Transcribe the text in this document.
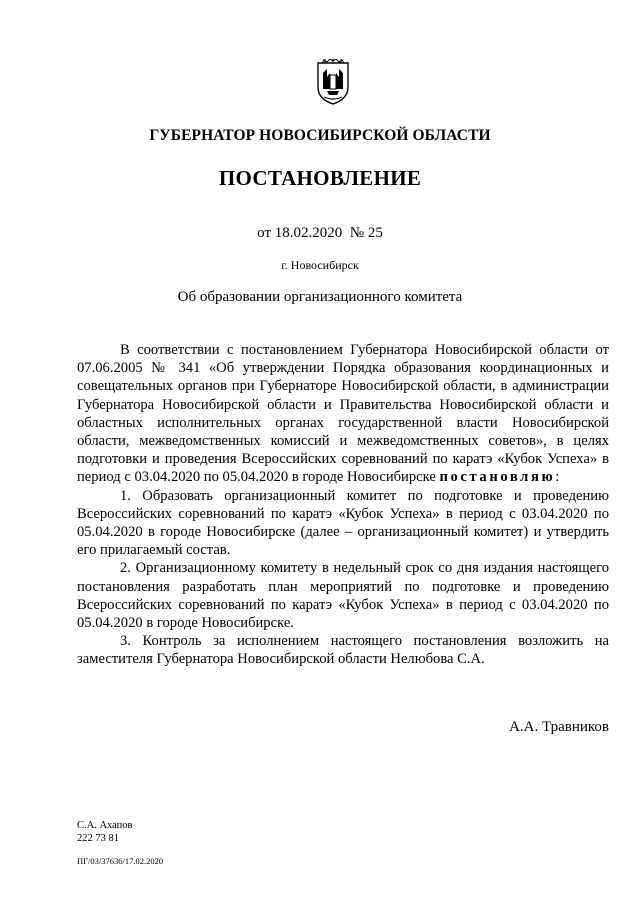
ГУБЕРНАТОР НОВОСИБИРСКОЙ ОБЛАСТИ
ПОСТАНОВЛЕНИЕ
от 18.02.2020 № 25
г. Новосибирск
Об образовании организационного комитета

В соответствии с постановлением Губернатора Новосибирской области от 07.06.2005 № 341 «Об утверждении Порядка образования координационных и совещательных органов при Губернаторе Новосибирской области, в администрации Губернатора Новосибирской области и Правительства Новосибирской области и областных исполнительных органах государственной власти Новосибирской области, межведомственных комиссий и межведомственных советов», в целях подготовки и проведения Всероссийских соревнований по каратэ «Кубок Успеха» в период с 03.04.2020 по 05.04.2020 в городе Новосибирске постановляю:

1. Образовать организационный комитет по подготовке и проведению Всероссийских соревнований по каратэ «Кубок Успеха» в период с 03.04.2020 по 05.04.2020 в городе Новосибирске (далее – организационный комитет) и утвердить его прилагаемый состав.

2. Организационному комитету в недельный срок со дня издания настоящего постановления разработать план мероприятий по подготовке и проведению Всероссийских соревнований по каратэ «Кубок Успеха» в период с 03.04.2020 по 05.04.2020 в городе Новосибирске.

3. Контроль за исполнением настоящего постановления возложить на заместителя Губернатора Новосибирской области Нелюбова С.А.

А.А. Травников
С.А. Ахапов
222 73 81
ПГ/03/37636/17.02.2020
